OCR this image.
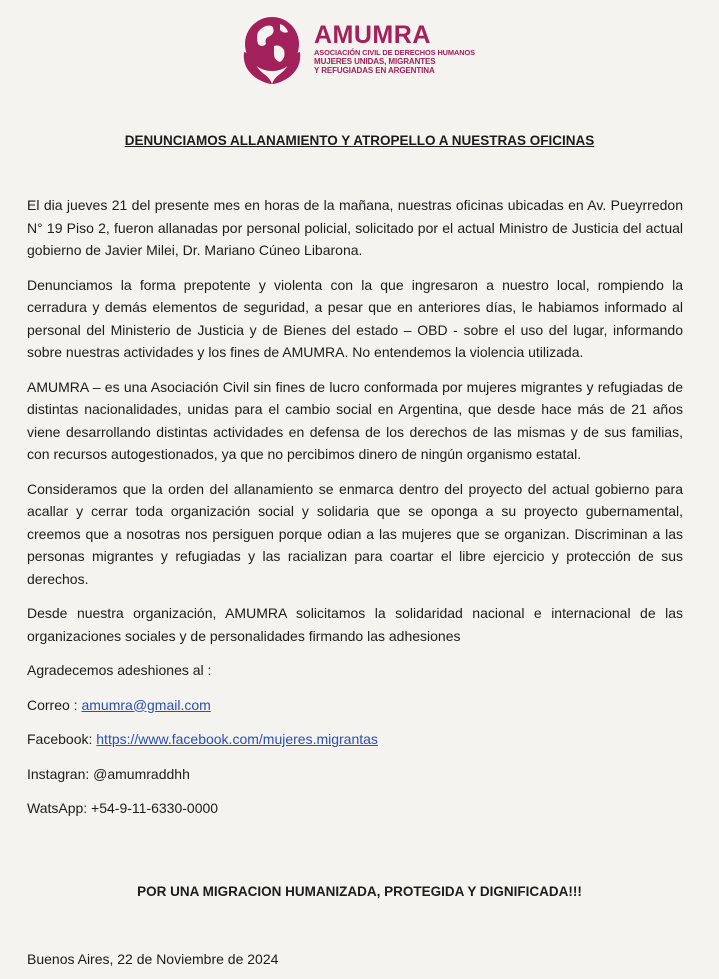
AMUMRA
ASOCIACIÓN CIVIL DE DERECHOS HUMANOS
MUJERES UNIDAS, MIGRANTES
Y REFUGIADAS EN ARGENTINA
DENUNCIAMOS ALLANAMIENTO Y ATROPELLO A NUESTRAS OFICINAS

El dia jueves 21 del presente mes en horas de la mañana, nuestras oficinas ubicadas en Av. Pueyrredon N° 19 Piso 2, fueron allanadas por personal policial, solicitado por el actual Ministro de Justicia del actual gobierno de Javier Milei, Dr. Mariano Cúneo Libarona.

Denunciamos la forma prepotente y violenta con la que ingresaron a nuestro local, rompiendo la cerradura y demás elementos de seguridad, a pesar que en anteriores días, le habiamos informado al personal del Ministerio de Justicia y de Bienes del estado – OBD - sobre el uso del lugar, informando sobre nuestras actividades y los fines de AMUMRA. No entendemos la violencia utilizada.

AMUMRA – es una Asociación Civil sin fines de lucro conformada por mujeres migrantes y refugiadas de distintas nacionalidades, unidas para el cambio social en Argentina, que desde hace más de 21 años viene desarrollando distintas actividades en defensa de los derechos de las mismas y de sus familias, con recursos autogestionados, ya que no percibimos dinero de ningún organismo estatal.

Consideramos que la orden del allanamiento se enmarca dentro del proyecto del actual gobierno para acallar y cerrar toda organización social y solidaria que se oponga a su proyecto gubernamental, creemos que a nosotras nos persiguen porque odian a las mujeres que se organizan. Discriminan a las personas migrantes y refugiadas y las racializan para coartar el libre ejercicio y protección de sus derechos.

Desde nuestra organización, AMUMRA solicitamos la solidaridad nacional e internacional de las organizaciones sociales y de personalidades firmando las adhesiones

Agradecemos adeshiones al :

Correo : amumra@gmail.com

Facebook: https://www.facebook.com/mujeres.migrantas

Instagran: @amumraddhh

WatsApp: +54-9-11-6330-0000

POR UNA MIGRACION HUMANIZADA, PROTEGIDA Y DIGNIFICADA!!!
Buenos Aires, 22 de Noviembre de 2024
